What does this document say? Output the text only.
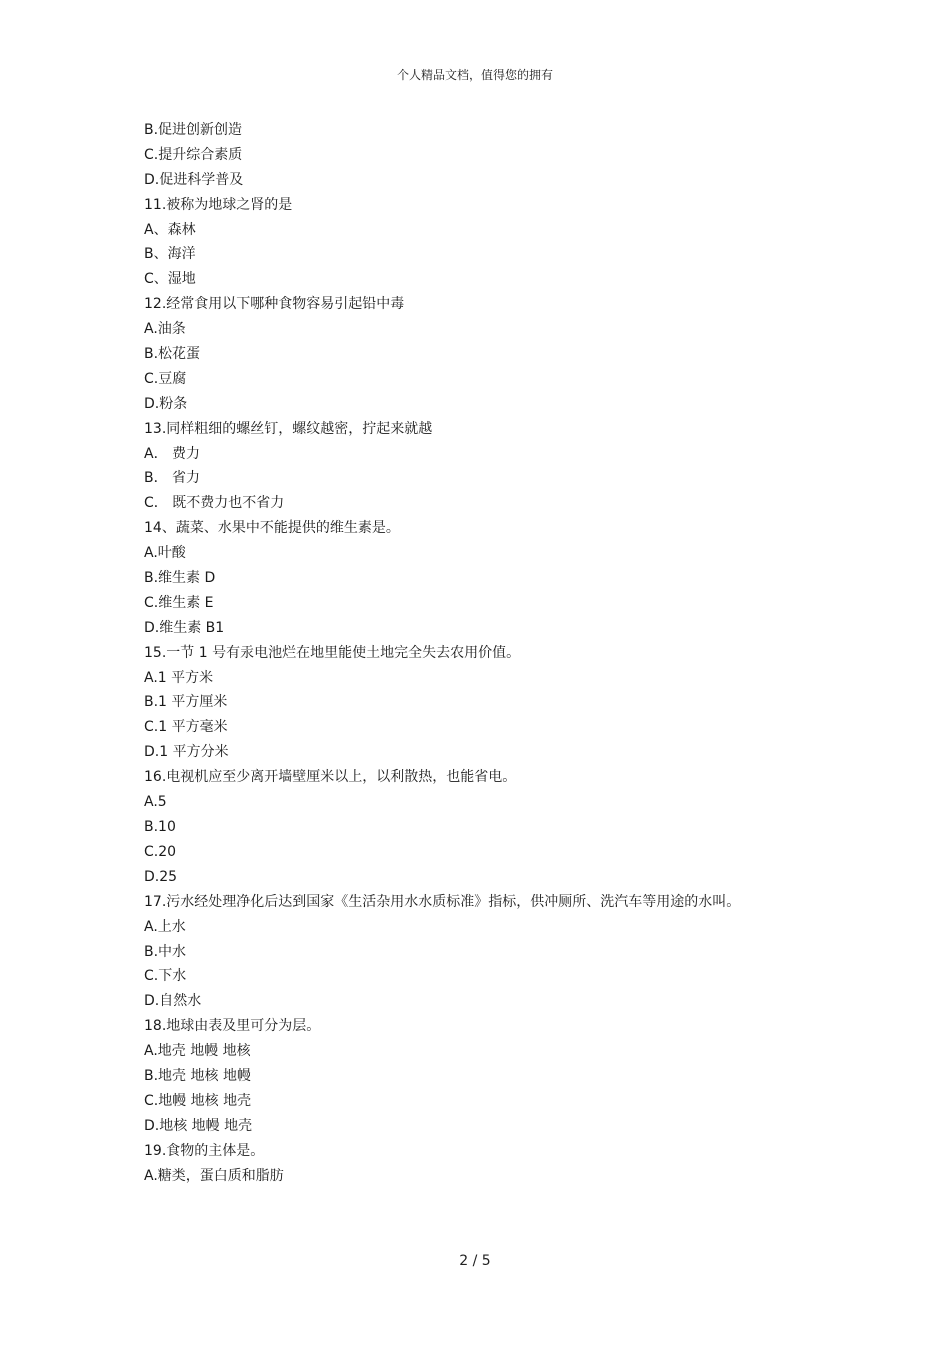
个人精品文档，值得您的拥有
B.促进创新创造
C.提升综合素质
D.促进科学普及
11.被称为地球之肾的是
A、森林
B、海洋
C、湿地
12.经常食用以下哪种食物容易引起铅中毒
A.油条
B.松花蛋
C.豆腐
D.粉条
13.同样粗细的螺丝钉，螺纹越密，拧起来就越
A． 费力
B． 省力
C． 既不费力也不省力
14、蔬菜、水果中不能提供的维生素是。
A.叶酸
B.维生素 D
C.维生素 E
D.维生素 B1
15.一节 1 号有汞电池烂在地里能使土地完全失去农用价值。
A.1 平方米
B.1 平方厘米
C.1 平方毫米
D.1 平方分米
16.电视机应至少离开墙壁厘米以上，以利散热，也能省电。
A.5
B.10
C.20
D.25
17.污水经处理净化后达到国家《生活杂用水水质标准》指标，供冲厕所、洗汽车等用途的水叫。
A.上水
B.中水
C.下水
D.自然水
18.地球由表及里可分为层。
A.地壳 地幔 地核
B.地壳 地核 地幔
C.地幔 地核 地壳
D.地核 地幔 地壳
19.食物的主体是。
A.糖类，蛋白质和脂肪
2 / 5
